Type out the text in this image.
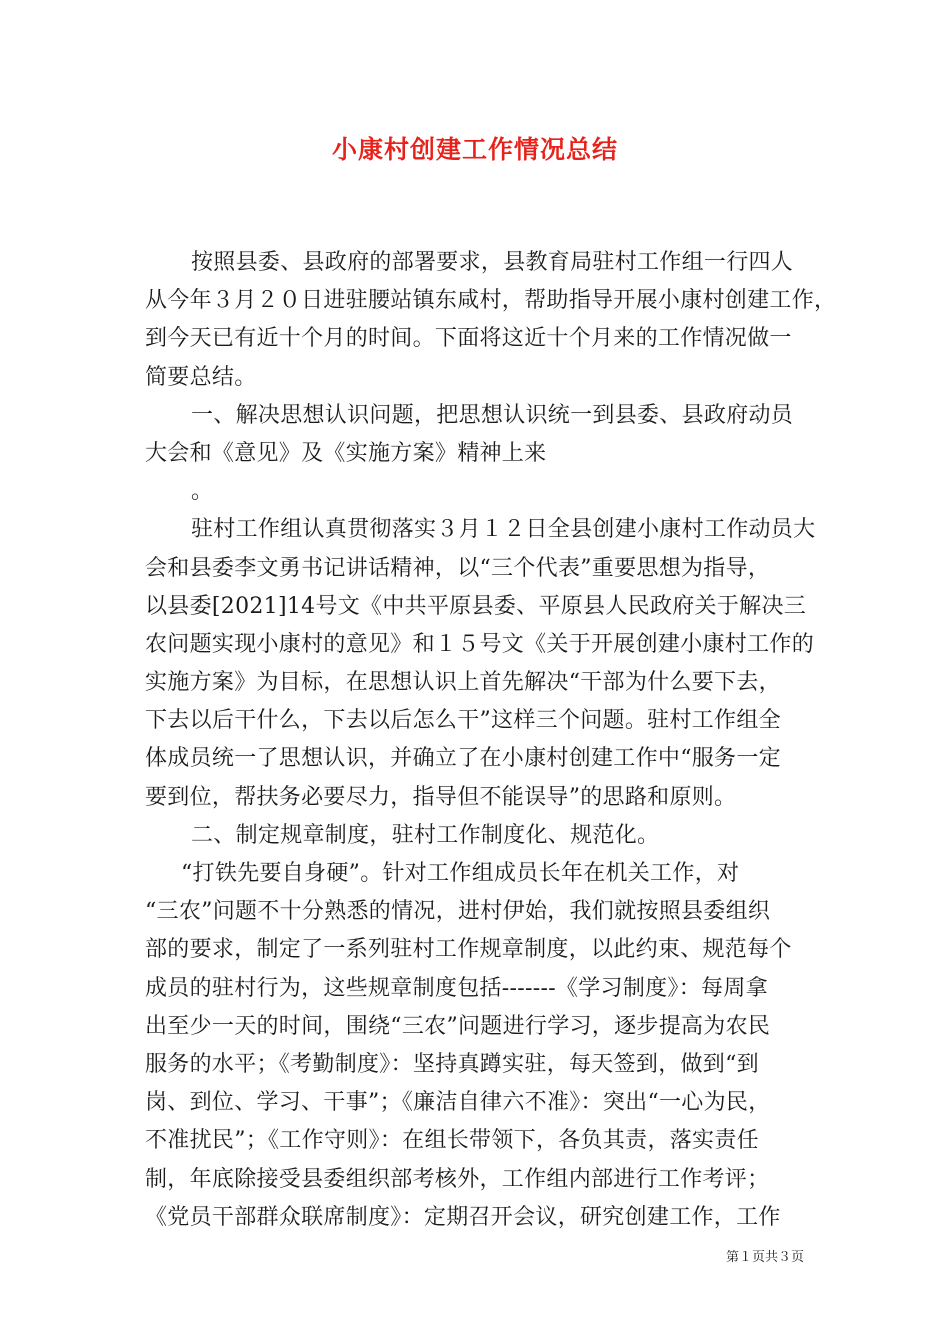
小康村创建工作情况总结
按照县委、县政府的部署要求，县教育局驻村工作组一行四人
从今年３月２０日进驻腰站镇东咸村，帮助指导开展小康村创建工作，
到今天已有近十个月的时间。下面将这近十个月来的工作情况做一
简要总结。
一、解决思想认识问题，把思想认识统一到县委、县政府动员
大会和《意见》及《实施方案》精神上来
。
驻村工作组认真贯彻落实３月１２日全县创建小康村工作动员大
会和县委李文勇书记讲话精神，以“三个代表”重要思想为指导，
以县委[2021]14号文《中共平原县委、平原县人民政府关于解决三
农问题实现小康村的意见》和１５号文《关于开展创建小康村工作的
实施方案》为目标，在思想认识上首先解决“干部为什么要下去，
下去以后干什么，下去以后怎么干”这样三个问题。驻村工作组全
体成员统一了思想认识，并确立了在小康村创建工作中“服务一定
要到位，帮扶务必要尽力，指导但不能误导”的思路和原则。
二、制定规章制度，驻村工作制度化、规范化。
“打铁先要自身硬”。针对工作组成员长年在机关工作，对
“三农”问题不十分熟悉的情况，进村伊始，我们就按照县委组织
部的要求，制定了一系列驻村工作规章制度，以此约束、规范每个
成员的驻村行为，这些规章制度包括-------《学习制度》：每周拿
出至少一天的时间，围绕“三农”问题进行学习，逐步提高为农民
服务的水平；《考勤制度》：坚持真蹲实驻，每天签到，做到“到
岗、到位、学习、干事”；《廉洁自律六不准》：突出“一心为民，
不准扰民”；《工作守则》：在组长带领下，各负其责，落实责任
制，年底除接受县委组织部考核外，工作组内部进行工作考评；
《党员干部群众联席制度》：定期召开会议，研究创建工作，工作
第１页共３页
